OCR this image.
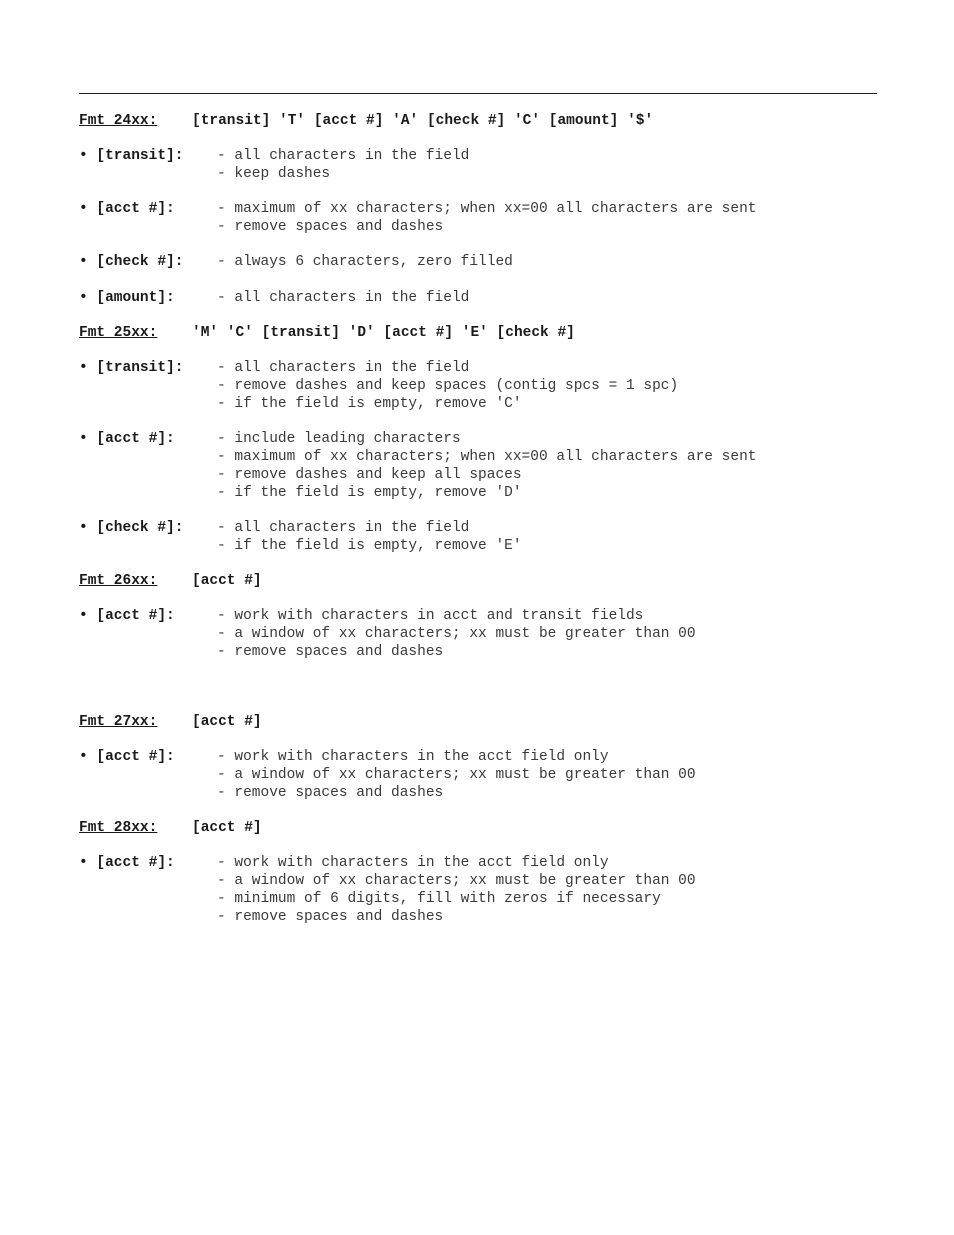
Fmt 24xx:	[transit] 'T' [acct #] 'A' [check #] 'C' [amount] '$'
• [transit]:	- all characters in the field
- keep dashes
• [acct #]:	- maximum of xx characters; when xx=00 all characters are sent
- remove spaces and dashes
• [check #]:	- always 6 characters, zero filled
• [amount]:	- all characters in the field
Fmt 25xx:	'M' 'C' [transit] 'D' [acct #] 'E' [check #]
• [transit]:	- all characters in the field
- remove dashes and keep spaces (contig spcs = 1 spc)
- if the field is empty, remove 'C'
• [acct #]:	- include leading characters
- maximum of xx characters; when xx=00 all characters are sent
- remove dashes and keep all spaces
- if the field is empty, remove 'D'
• [check #]:	- all characters in the field
- if the field is empty, remove 'E'
Fmt 26xx:	[acct #]
• [acct #]:	- work with characters in acct and transit fields
- a window of xx characters; xx must be greater than 00
- remove spaces and dashes
Fmt 27xx:	[acct #]
• [acct #]:	- work with characters in the acct field only
- a window of xx characters; xx must be greater than 00
- remove spaces and dashes
Fmt 28xx:	[acct #]
• [acct #]:	- work with characters in the acct field only
- a window of xx characters; xx must be greater than 00
- minimum of 6 digits, fill with zeros if necessary
- remove spaces and dashes
